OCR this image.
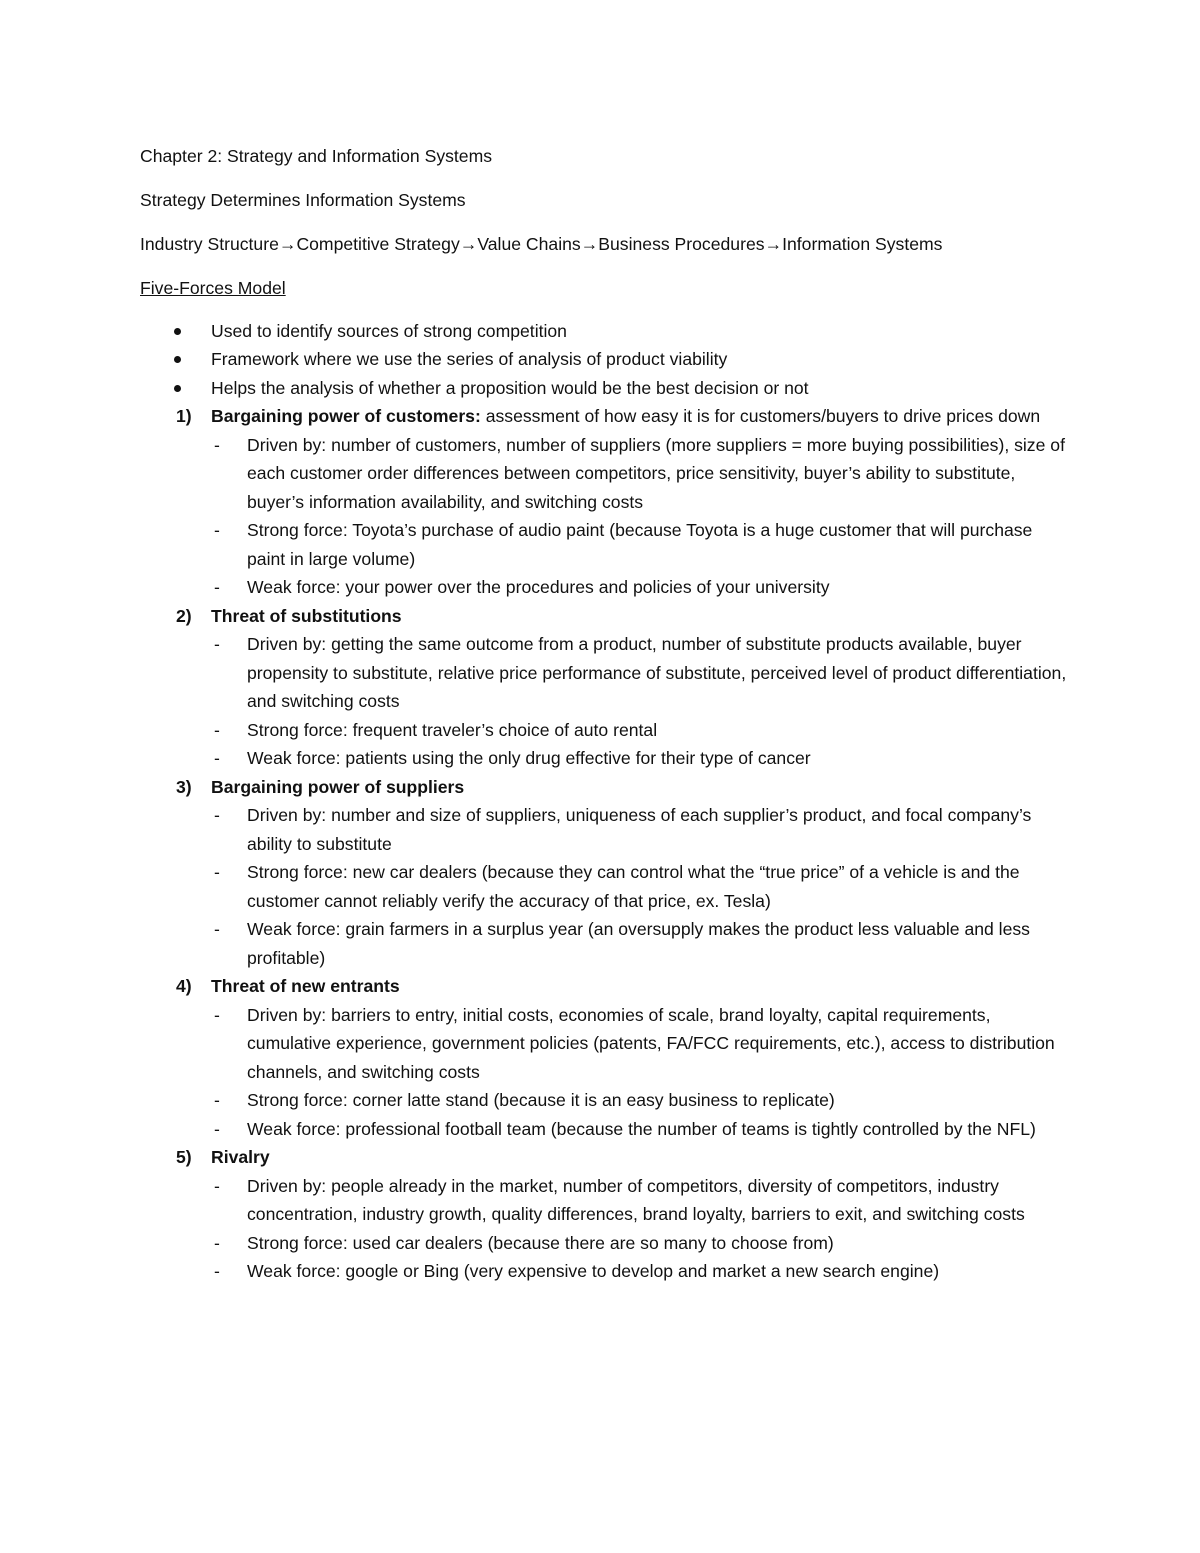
Chapter 2: Strategy and Information Systems

Strategy Determines Information Systems

Industry Structure→Competitive Strategy→Value Chains→Business Procedures→Information Systems

Five-Forces Model

Used to identify sources of strong competition
Framework where we use the series of analysis of product viability
Helps the analysis of whether a proposition would be the best decision or not
1) Bargaining power of customers: assessment of how easy it is for customers/buyers to drive prices down
- Driven by: number of customers, number of suppliers (more suppliers = more buying possibilities), size of each customer order differences between competitors, price sensitivity, buyer’s ability to substitute, buyer’s information availability, and switching costs
- Strong force: Toyota’s purchase of audio paint (because Toyota is a huge customer that will purchase paint in large volume)
- Weak force: your power over the procedures and policies of your university
2) Threat of substitutions
- Driven by: getting the same outcome from a product, number of substitute products available, buyer propensity to substitute, relative price performance of substitute, perceived level of product differentiation, and switching costs
- Strong force: frequent traveler’s choice of auto rental
- Weak force: patients using the only drug effective for their type of cancer
3) Bargaining power of suppliers
- Driven by: number and size of suppliers, uniqueness of each supplier’s product, and focal company’s ability to substitute
- Strong force: new car dealers (because they can control what the “true price” of a vehicle is and the customer cannot reliably verify the accuracy of that price, ex. Tesla)
- Weak force: grain farmers in a surplus year (an oversupply makes the product less valuable and less profitable)
4) Threat of new entrants
- Driven by: barriers to entry, initial costs, economies of scale, brand loyalty, capital requirements, cumulative experience, government policies (patents, FA/FCC requirements, etc.), access to distribution channels, and switching costs
- Strong force: corner latte stand (because it is an easy business to replicate)
- Weak force: professional football team (because the number of teams is tightly controlled by the NFL)
5) Rivalry
- Driven by: people already in the market, number of competitors, diversity of competitors, industry concentration, industry growth, quality differences, brand loyalty, barriers to exit, and switching costs
- Strong force: used car dealers (because there are so many to choose from)
- Weak force: google or Bing (very expensive to develop and market a new search engine)
